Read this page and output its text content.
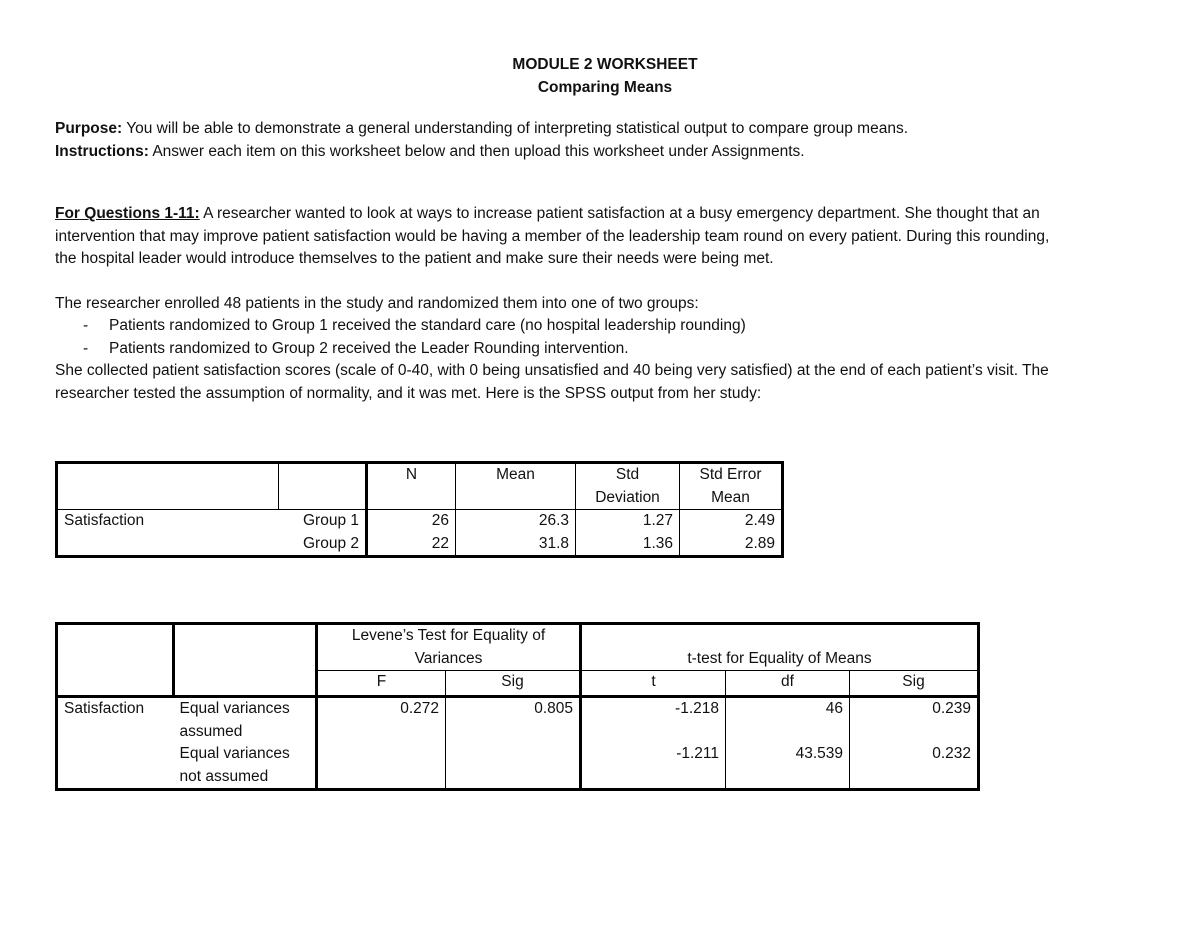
MODULE 2 WORKSHEET
Comparing Means

Purpose: You will be able to demonstrate a general understanding of interpreting statistical output to compare group means.

Instructions: Answer each item on this worksheet below and then upload this worksheet under Assignments.

For Questions 1-11: A researcher wanted to look at ways to increase patient satisfaction at a busy emergency department. She thought that an
intervention that may improve patient satisfaction would be having a member of the leadership team round on every patient. During this rounding,
the hospital leader would introduce themselves to the patient and make sure their needs were being met.

The researcher enrolled 48 patients in the study and randomized them into one of two groups:

- Patients randomized to Group 1 received the standard care (no hospital leadership rounding)
- Patients randomized to Group 2 received the Leader Rounding intervention.

She collected patient satisfaction scores (scale of 0-40, with 0 being unsatisfied and 40 being very satisfied) at the end of each patient’s visit. The
researcher tested the assumption of normality, and it was met. Here is the SPSS output from her study:

		N	Mean	Std
Deviation	Std Error
Mean
Satisfaction	Group 1	26	26.3	1.27	2.49
	Group 2	22	31.8	1.36	2.89
		Levene’s Test for Equality of
Variances		t-test for Equality of Means		
		F	Sig	t	df	Sig
Satisfaction	Equal variances
assumed	0.272	0.805	-1.218	46	0.239
	Equal variances
not assumed			-1.211	43.539	0.232
